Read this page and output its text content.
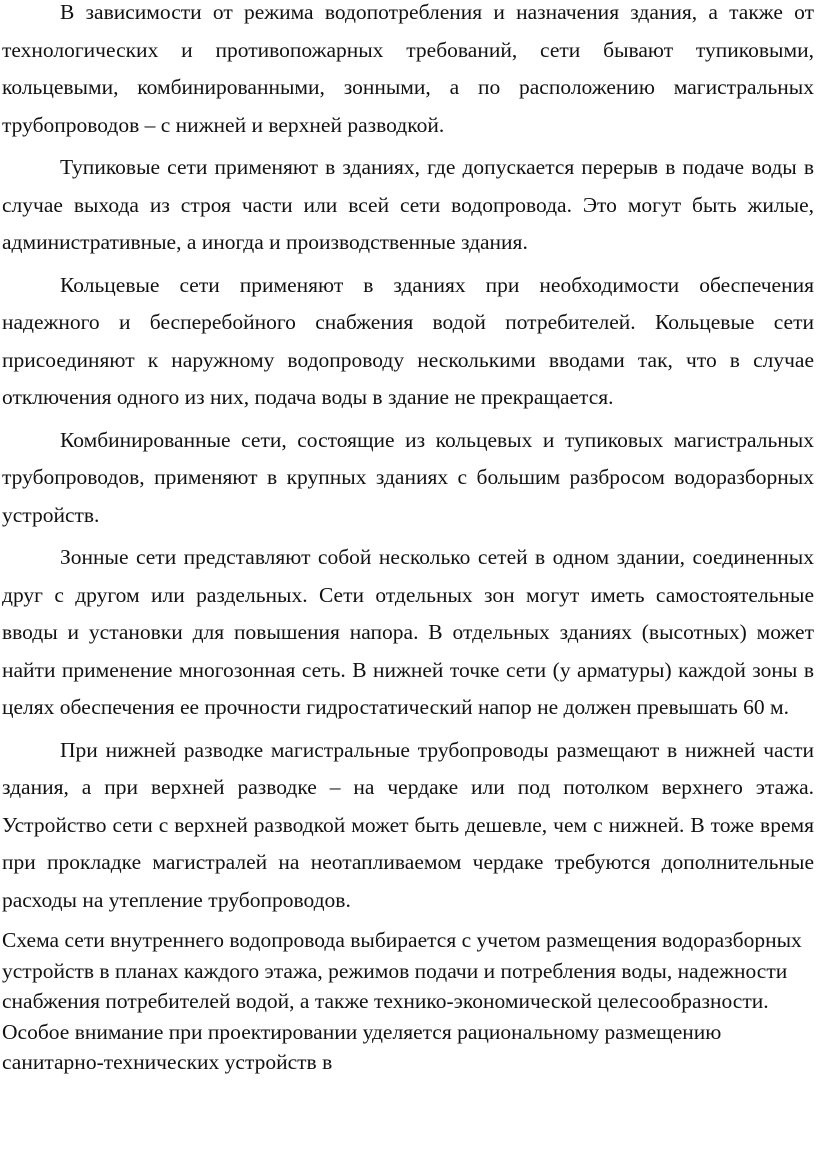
В зависимости от режима водопотребления и назначения здания, а также от технологических и противопожарных требований, сети бывают тупиковыми, кольцевыми, комбинированными, зонными, а по расположению магистральных трубопроводов – с нижней и верхней разводкой.

Тупиковые сети применяют в зданиях, где допускается перерыв в подаче воды в случае выхода из строя части или всей сети водопровода. Это могут быть жилые, административные, а иногда и производственные здания.

Кольцевые сети применяют в зданиях при необходимости обеспечения надежного и бесперебойного снабжения водой потребителей. Кольцевые сети присоединяют к наружному водопроводу несколькими вводами так, что в случае отключения одного из них, подача воды в здание не прекращается.

Комбинированные сети, состоящие из кольцевых и тупиковых магистральных трубопроводов, применяют в крупных зданиях с большим разбросом водоразборных устройств.

Зонные сети представляют собой несколько сетей в одном здании, соединенных друг с другом или раздельных. Сети отдельных зон могут иметь самостоятельные вводы и установки для повышения напора. В отдельных зданиях (высотных) может найти применение многозонная сеть. В нижней точке сети (у арматуры) каждой зоны в целях обеспечения ее прочности гидростатический напор не должен превышать 60 м.

При нижней разводке магистральные трубопроводы размещают в нижней части здания, а при верхней разводке – на чердаке или под потолком верхнего этажа. Устройство сети с верхней разводкой может быть дешевле, чем с нижней. В тоже время при прокладке магистралей на неотапливаемом чердаке требуются дополнительные расходы на утепление трубопроводов.

Схема сети внутреннего водопровода выбирается с учетом размещения водоразборных устройств в планах каждого этажа, режимов подачи и потребления воды, надежности снабжения потребителей водой, а также технико-экономической целесообразности. Особое внимание при проектировании уделяется рациональному размещению санитарно-технических устройств в
